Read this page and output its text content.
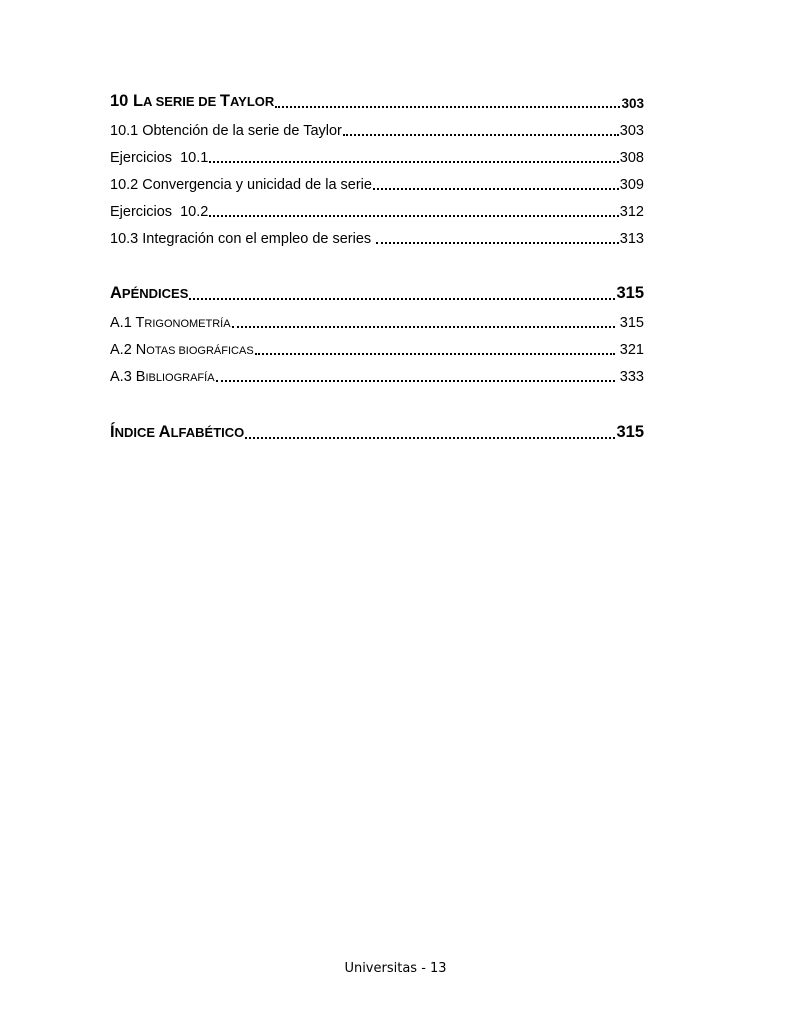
10 LA SERIE DE TAYLOR	303
10.1 Obtención de la serie de Taylor	303
Ejercicios  10.1	308
10.2 Convergencia y unicidad de la serie	309
Ejercicios  10.2	312
10.3 Integración con el empleo de series	313
APÉNDICES	315
A.1 TRIGONOMETRÍA	315
A.2 NOTAS BIOGRÁFICAS	321
A.3 BIBLIOGRAFÍA	333
ÍNDICE ALFABÉTICO	315
Universitas - 13
